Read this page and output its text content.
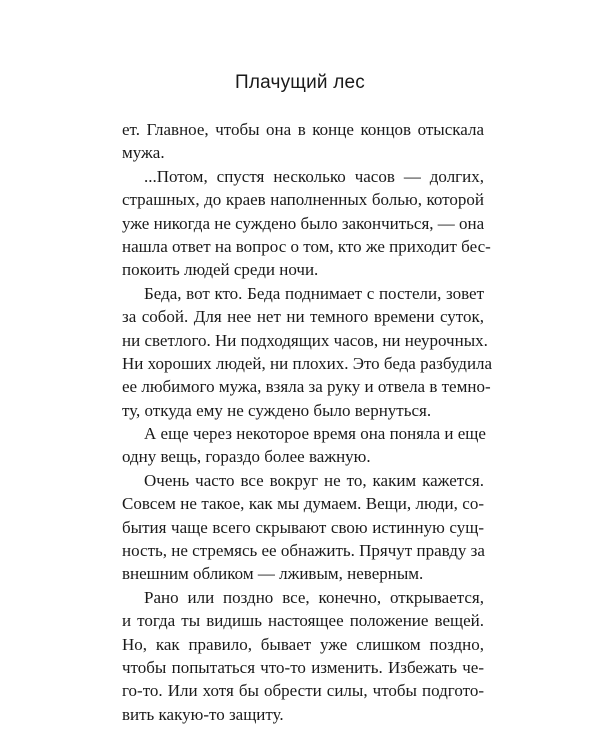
Плачущий лес
ет. Главное, чтобы она в конце концов отыскала
мужа.
...Потом, спустя несколько часов — долгих,
страшных, до краев наполненных болью, которой
уже никогда не суждено было закончиться, — она
нашла ответ на вопрос о том, кто же приходит бес-
покоить людей среди ночи.
Беда, вот кто. Беда поднимает с постели, зовет
за собой. Для нее нет ни темного времени суток,
ни светлого. Ни подходящих часов, ни неурочных.
Ни хороших людей, ни плохих. Это беда разбудила
ее любимого мужа, взяла за руку и отвела в темно-
ту, откуда ему не суждено было вернуться.
А еще через некоторое время она поняла и еще
одну вещь, гораздо более важную.
Очень часто все вокруг не то, каким кажется.
Совсем не такое, как мы думаем. Вещи, люди, со-
бытия чаще всего скрывают свою истинную сущ-
ность, не стремясь ее обнажить. Прячут правду за
внешним обликом — лживым, неверным.
Рано или поздно все, конечно, открывается,
и тогда ты видишь настоящее положение вещей.
Но, как правило, бывает уже слишком поздно,
чтобы попытаться что-то изменить. Избежать че-
го-то. Или хотя бы обрести силы, чтобы подгото-
вить какую-то защиту.
